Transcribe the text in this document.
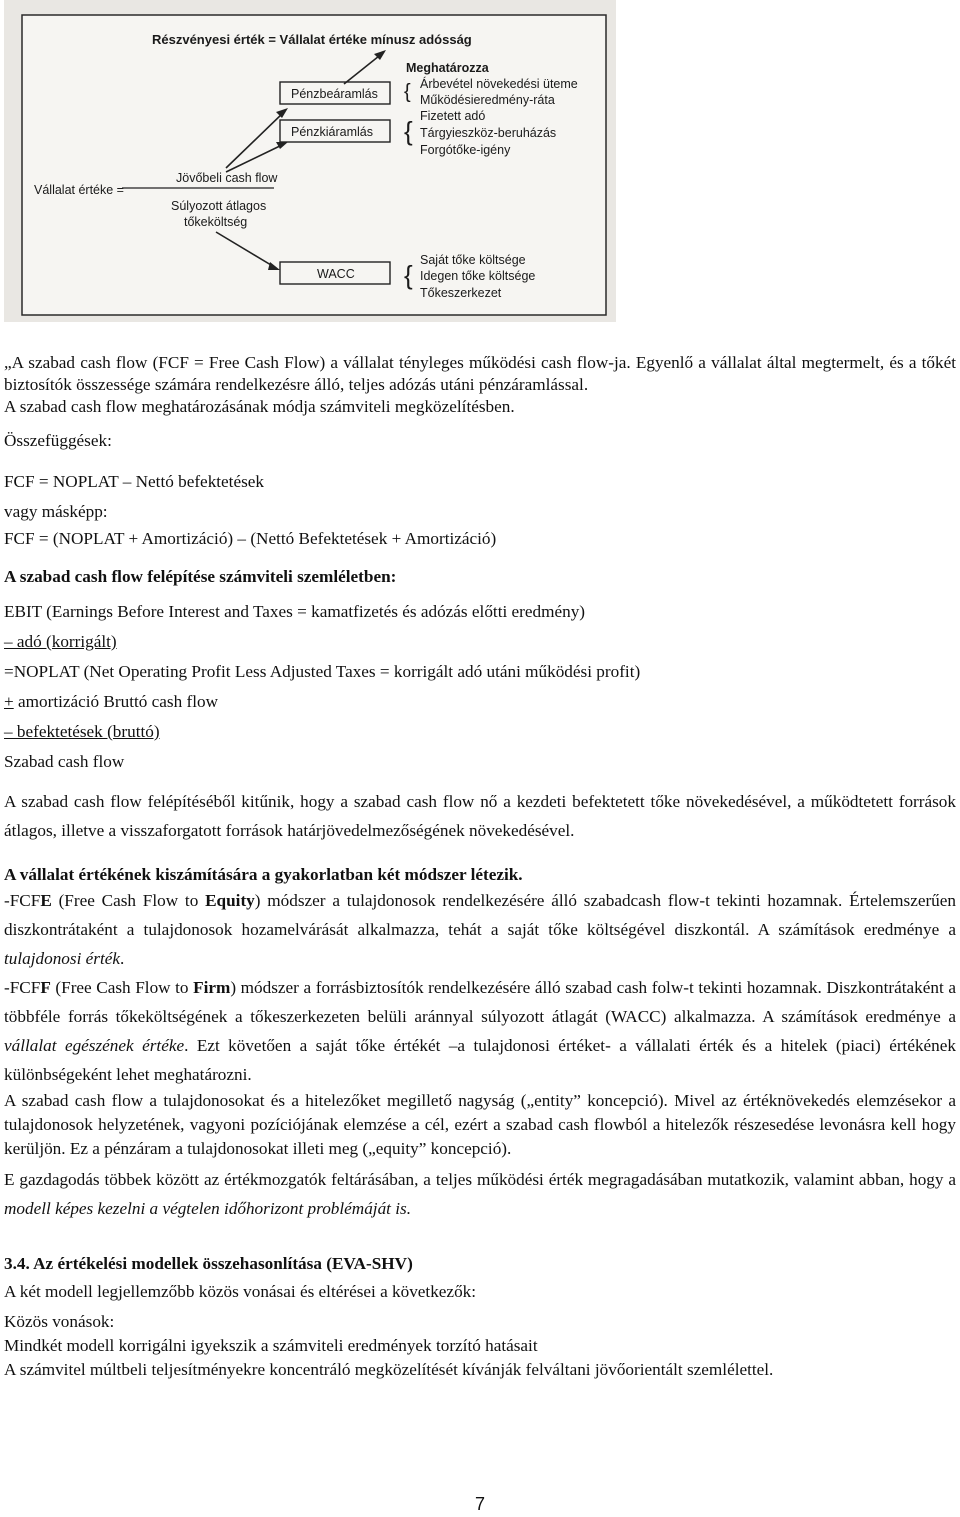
Részvényesi érték = Vállalat értéke mínusz adósság
Pénzbeáramlás
Pénzkiáramlás
WACC
Meghatározza
{ Árbevétel növekedési üteme
Működésieredmény-ráta
{ Fizetett adó
Tárgyieszköz-beruházás
Forgótőke-igény
{ Saját tőke költsége
Idegen tőke költsége
Tőkeszerkezet
Vállalat értéke =
Jövőbeli cash flow
Súlyozott átlagos
tőkeköltség

„A szabad cash flow (FCF = Free Cash Flow) a vállalat tényleges működési cash flow-ja. Egyenlő a vállalat által megtermelt, és a tőkét biztosítók összessége számára rendelkezésre álló, teljes adózás utáni pénzáramlással.

A szabad cash flow meghatározásának módja számviteli megközelítésben.

Összefüggések:

FCF = NOPLAT – Nettó befektetések

vagy másképp:

FCF = (NOPLAT + Amortizáció) – (Nettó Befektetések + Amortizáció)

A szabad cash flow felépítése számviteli szemléletben:

EBIT (Earnings Before Interest and Taxes = kamatfizetés és adózás előtti eredmény)

– adó (korrigált)

=NOPLAT (Net Operating Profit Less Adjusted Taxes = korrigált adó utáni működési profit)

+ amortizáció Bruttó cash flow

– befektetések (bruttó)

Szabad cash flow

A szabad cash flow felépítéséből kitűnik, hogy a szabad cash flow nő a kezdeti befektetett tőke növekedésével, a működtetett források átlagos, illetve a visszaforgatott források határjövedelmezőségének növekedésével.

A vállalat értékének kiszámítására a gyakorlatban két módszer létezik.

-FCFE (Free Cash Flow to Equity) módszer a tulajdonosok rendelkezésére álló szabadcash flow-t tekinti hozamnak. Értelemszerűen diszkontrátaként a tulajdonosok hozamelvárását alkalmazza, tehát a saját tőke költségével diszkontál. A számítások eredménye a tulajdonosi érték.

-FCFF (Free Cash Flow to Firm) módszer a forrásbiztosítók rendelkezésére álló szabad cash folw-t tekinti hozamnak. Diszkontrátaként a többféle forrás tőkeköltségének a tőkeszerkezeten belüli aránnyal súlyozott átlagát (WACC) alkalmazza. A számítások eredménye a vállalat egészének értéke. Ezt követően a saját tőke értékét –a tulajdonosi értéket- a vállalati érték és a hitelek (piaci) értékének különbségeként lehet meghatározni.

A szabad cash flow a tulajdonosokat és a hitelezőket megillető nagyság („entity” koncepció). Mivel az értéknövekedés elemzésekor a tulajdonosok helyzetének, vagyoni pozíciójának elemzése a cél, ezért a szabad cash flowból a hitelezők részesedése levonásra kell hogy kerüljön. Ez a pénzáram a tulajdonosokat illeti meg („equity” koncepció).

E gazdagodás többek között az értékmozgatók feltárásában, a teljes működési érték megragadásában mutatkozik, valamint abban, hogy a modell képes kezelni a végtelen időhorizont problémáját is.

3.4. Az értékelési modellek összehasonlítása (EVA-SHV)

A két modell legjellemzőbb közös vonásai és eltérései a következők:

Közös vonások:

Mindkét modell korrigálni igyekszik a számviteli eredmények torzító hatásait

A számvitel múltbeli teljesítményekre koncentráló megközelítését kívánják felváltani jövőorientált szemlélettel.

7
